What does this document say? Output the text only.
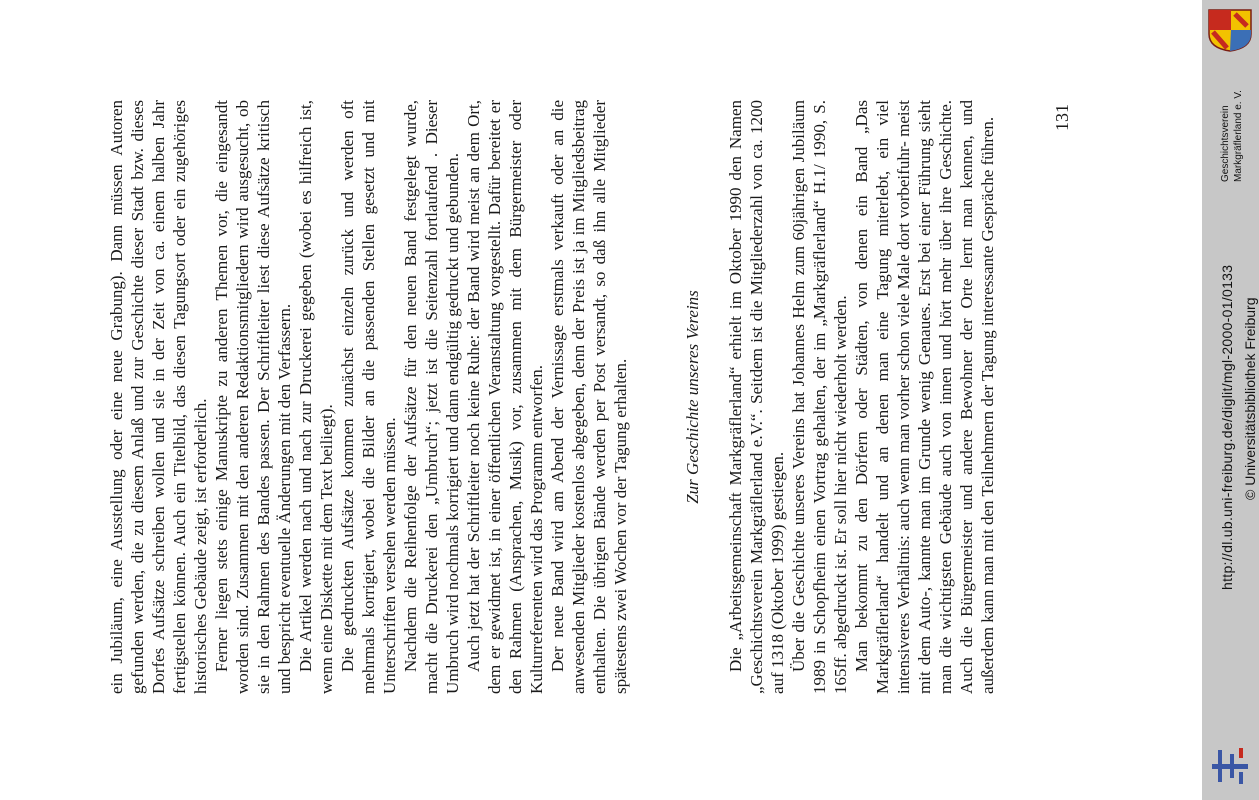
ein Jubiläum, eine Ausstellung oder eine neue Grabung). Dann müssen Autoren gefunden werden, die zu diesem Anlaß und zur Geschichte dieser Stadt bzw. dieses Dorfes Aufsätze schreiben wollen und sie in der Zeit von ca. einem halben Jahr fertigstellen können. Auch ein Titelbild, das diesen Tagungsort oder ein zugehöriges historisches Gebäude zeigt, ist erforderlich. Ferner liegen stets einige Manuskripte zu anderen Themen vor, die eingesandt worden sind. Zusammen mit den anderen Redaktionsmitgliedern wird ausgesucht, ob sie in den Rahmen des Bandes passen. Der Schriftleiter liest diese Aufsätze kritisch und bespricht eventuelle Änderungen mit den Verfassern. Die Artikel werden nach und nach zur Druckerei gegeben (wobei es hilfreich ist, wenn eine Diskette mit dem Text beiliegt). Die gedruckten Aufsätze kommen zunächst einzeln zurück und werden oft mehrmals korrigiert, wobei die Bilder an die passenden Stellen gesetzt und mit Unterschriften versehen werden müssen. Nachdem die Reihenfolge der Aufsätze für den neuen Band festgelegt wurde, macht die Druckerei den „Umbruch“; jetzt ist die Seitenzahl fortlaufend . Dieser Umbruch wird nochmals korrigiert und dann endgültig gedruckt und gebunden. Auch jetzt hat der Schriftleiter noch keine Ruhe: der Band wird meist an dem Ort, dem er gewidmet ist, in einer öffentlichen Veranstaltung vorgestellt. Dafür bereitet er den Rahmen (Ansprachen, Musik) vor, zusammen mit dem Bürgermeister oder Kulturreferenten wird das Programm entworfen. Der neue Band wird am Abend der Vernissage erstmals verkauft oder an die anwesenden Mitglieder kostenlos abgegeben, denn der Preis ist ja im Mitgliedsbeitrag enthalten. Die übrigen Bände werden per Post versandt, so daß ihn alle Mitglieder spätestens zwei Wochen vor der Tagung erhalten.	Zur Geschichte unseres Vereins Die „Arbeitsgemeinschaft Markgräflerland“ erhielt im Oktober 1990 den Namen „Geschichtsverein Markgräflerland e.V.“. Seitdem ist die Mitgliederzahl von ca. 1200 auf 1318 (Oktober 1999) gestiegen. Über die Geschichte unseres Vereins hat Johannes Helm zum 60jährigen Jubiläum 1989 in Schopfheim einen Vortrag gehalten, der im „Markgräflerland“ H.1/ 1990, S. 165ff. abgedruckt ist. Er soll hier nicht wiederholt werden. Man bekommt zu den Dörfern oder Städten, von denen ein Band „Das Markgräflerland“ handelt und an denen man eine Tagung miterlebt, ein viel intensiveres Verhältnis: auch wenn man vorher schon viele Male dort vorbeifuhr- meist mit dem Auto-, kannte man im Grunde wenig Genaues. Erst bei einer Führung sieht man die wichtigsten Gebäude auch von innen und hört mehr über ihre Geschichte. Auch die Bürgermeister und andere Bewohner der Orte lernt man kennen, und außerdem kann man mit den Teilnehmern der Tagung interessante Gespräche führen.	131	Geschichtsverein Markgräflerland e. V.
http://dl.ub.uni-freiburg.de/diglit/mgl-2000-01/0133 © Universitätsbibliothek Freiburg
